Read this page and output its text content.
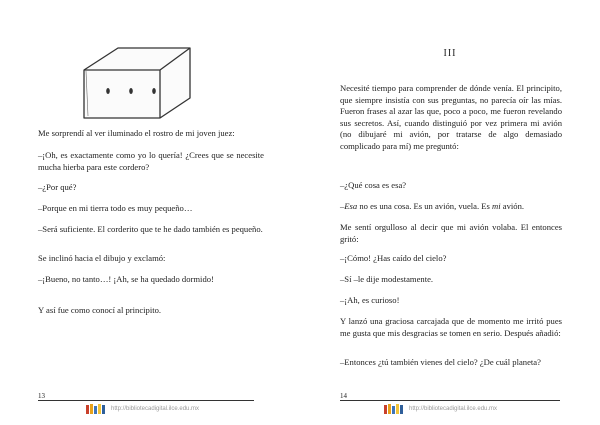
Me sorprendí al ver iluminado el rostro de mi joven juez:

–¡Oh, es exactamente como yo lo quería! ¿Crees que se necesite mucha hierba para este cordero?

–¿Por qué?

–Porque en mi tierra todo es muy pequeño…

–Será suficiente. El corderito que te he dado también es pequeño.

Se inclinó hacia el dibujo y exclamó:

–¡Bueno, no tanto…! ¡Ah, se ha quedado dormido!

Y así fue como conocí al principito.

13
http://bibliotecadigital.ilce.edu.mx
III

Necesité tiempo para comprender de dónde venía. El principito, que siempre insistía con sus preguntas, no parecía oír las mías. Fueron frases al azar las que, poco a poco, me fueron revelando sus secretos. Así, cuando distinguió por vez primera mi avión (no dibujaré mi avión, por tratarse de algo demasiado complicado para mí) me preguntó:

–¿Qué cosa es esa?

–Esa no es una cosa. Es un avión, vuela. Es mi avión.

Me sentí orgulloso al decir que mi avión volaba. El entonces gritó:

–¡Cómo! ¿Has caído del cielo?

–Sí –le dije modestamente.

–¡Ah, es curioso!

Y lanzó una graciosa carcajada que de momento me irritó pues me gusta que mis desgracias se tomen en serio. Después añadió:

–Entonces ¿tú también vienes del cielo? ¿De cuál planeta?

14
http://bibliotecadigital.ilce.edu.mx
